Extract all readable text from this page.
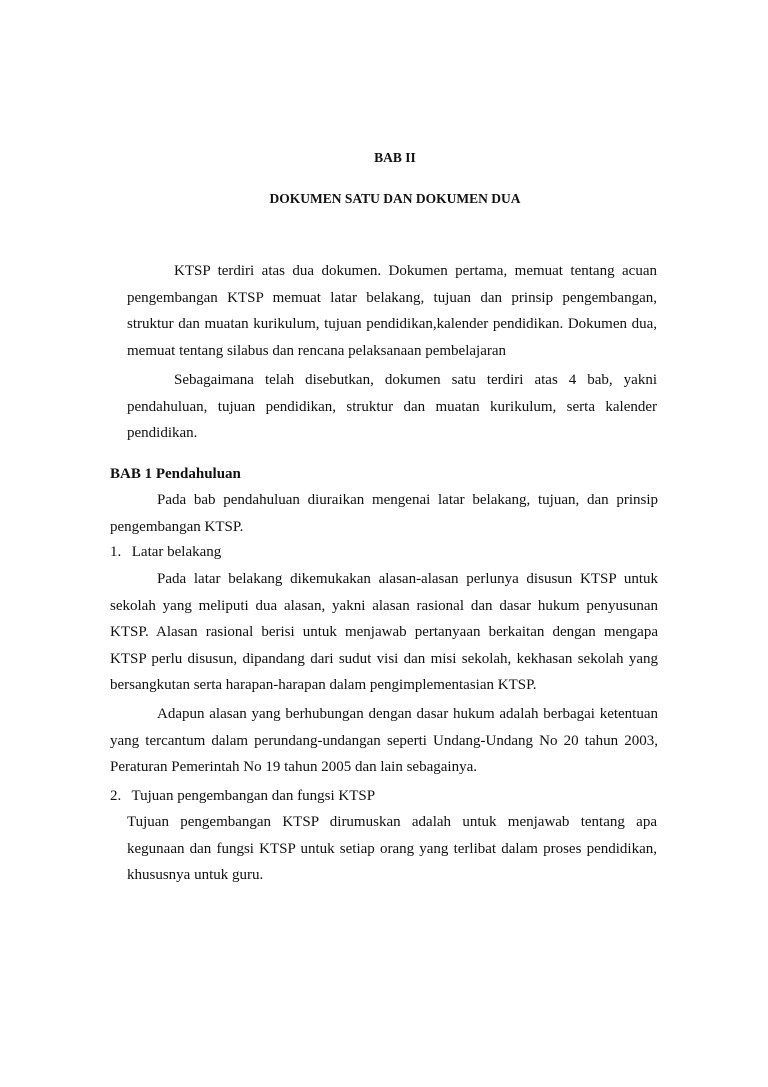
BAB II
DOKUMEN SATU DAN DOKUMEN DUA

KTSP terdiri atas dua dokumen. Dokumen pertama, memuat tentang acuan pengembangan KTSP memuat latar belakang, tujuan dan prinsip pengembangan, struktur dan muatan kurikulum, tujuan pendidikan,kalender pendidikan. Dokumen dua, memuat tentang silabus dan rencana pelaksanaan pembelajaran

Sebagaimana telah disebutkan, dokumen satu terdiri atas 4 bab, yakni pendahuluan, tujuan pendidikan, struktur dan muatan kurikulum, serta kalender pendidikan.

BAB 1 Pendahuluan

Pada bab pendahuluan diuraikan mengenai latar belakang, tujuan, dan prinsip pengembangan KTSP.

1. Latar belakang

Pada latar belakang dikemukakan alasan-alasan perlunya disusun KTSP untuk sekolah yang meliputi dua alasan, yakni alasan rasional dan dasar hukum penyusunan KTSP. Alasan rasional berisi untuk menjawab pertanyaan berkaitan dengan mengapa KTSP perlu disusun, dipandang dari sudut visi dan misi sekolah, kekhasan sekolah yang bersangkutan serta harapan-harapan dalam pengimplementasian KTSP.

Adapun alasan yang berhubungan dengan dasar hukum adalah berbagai ketentuan yang tercantum dalam perundang-undangan seperti Undang-Undang No 20 tahun 2003, Peraturan Pemerintah No 19 tahun 2005 dan lain sebagainya.

2. Tujuan pengembangan dan fungsi KTSP

Tujuan pengembangan KTSP dirumuskan adalah untuk menjawab tentang apa kegunaan dan fungsi KTSP untuk setiap orang yang terlibat dalam proses pendidikan, khususnya untuk guru.
